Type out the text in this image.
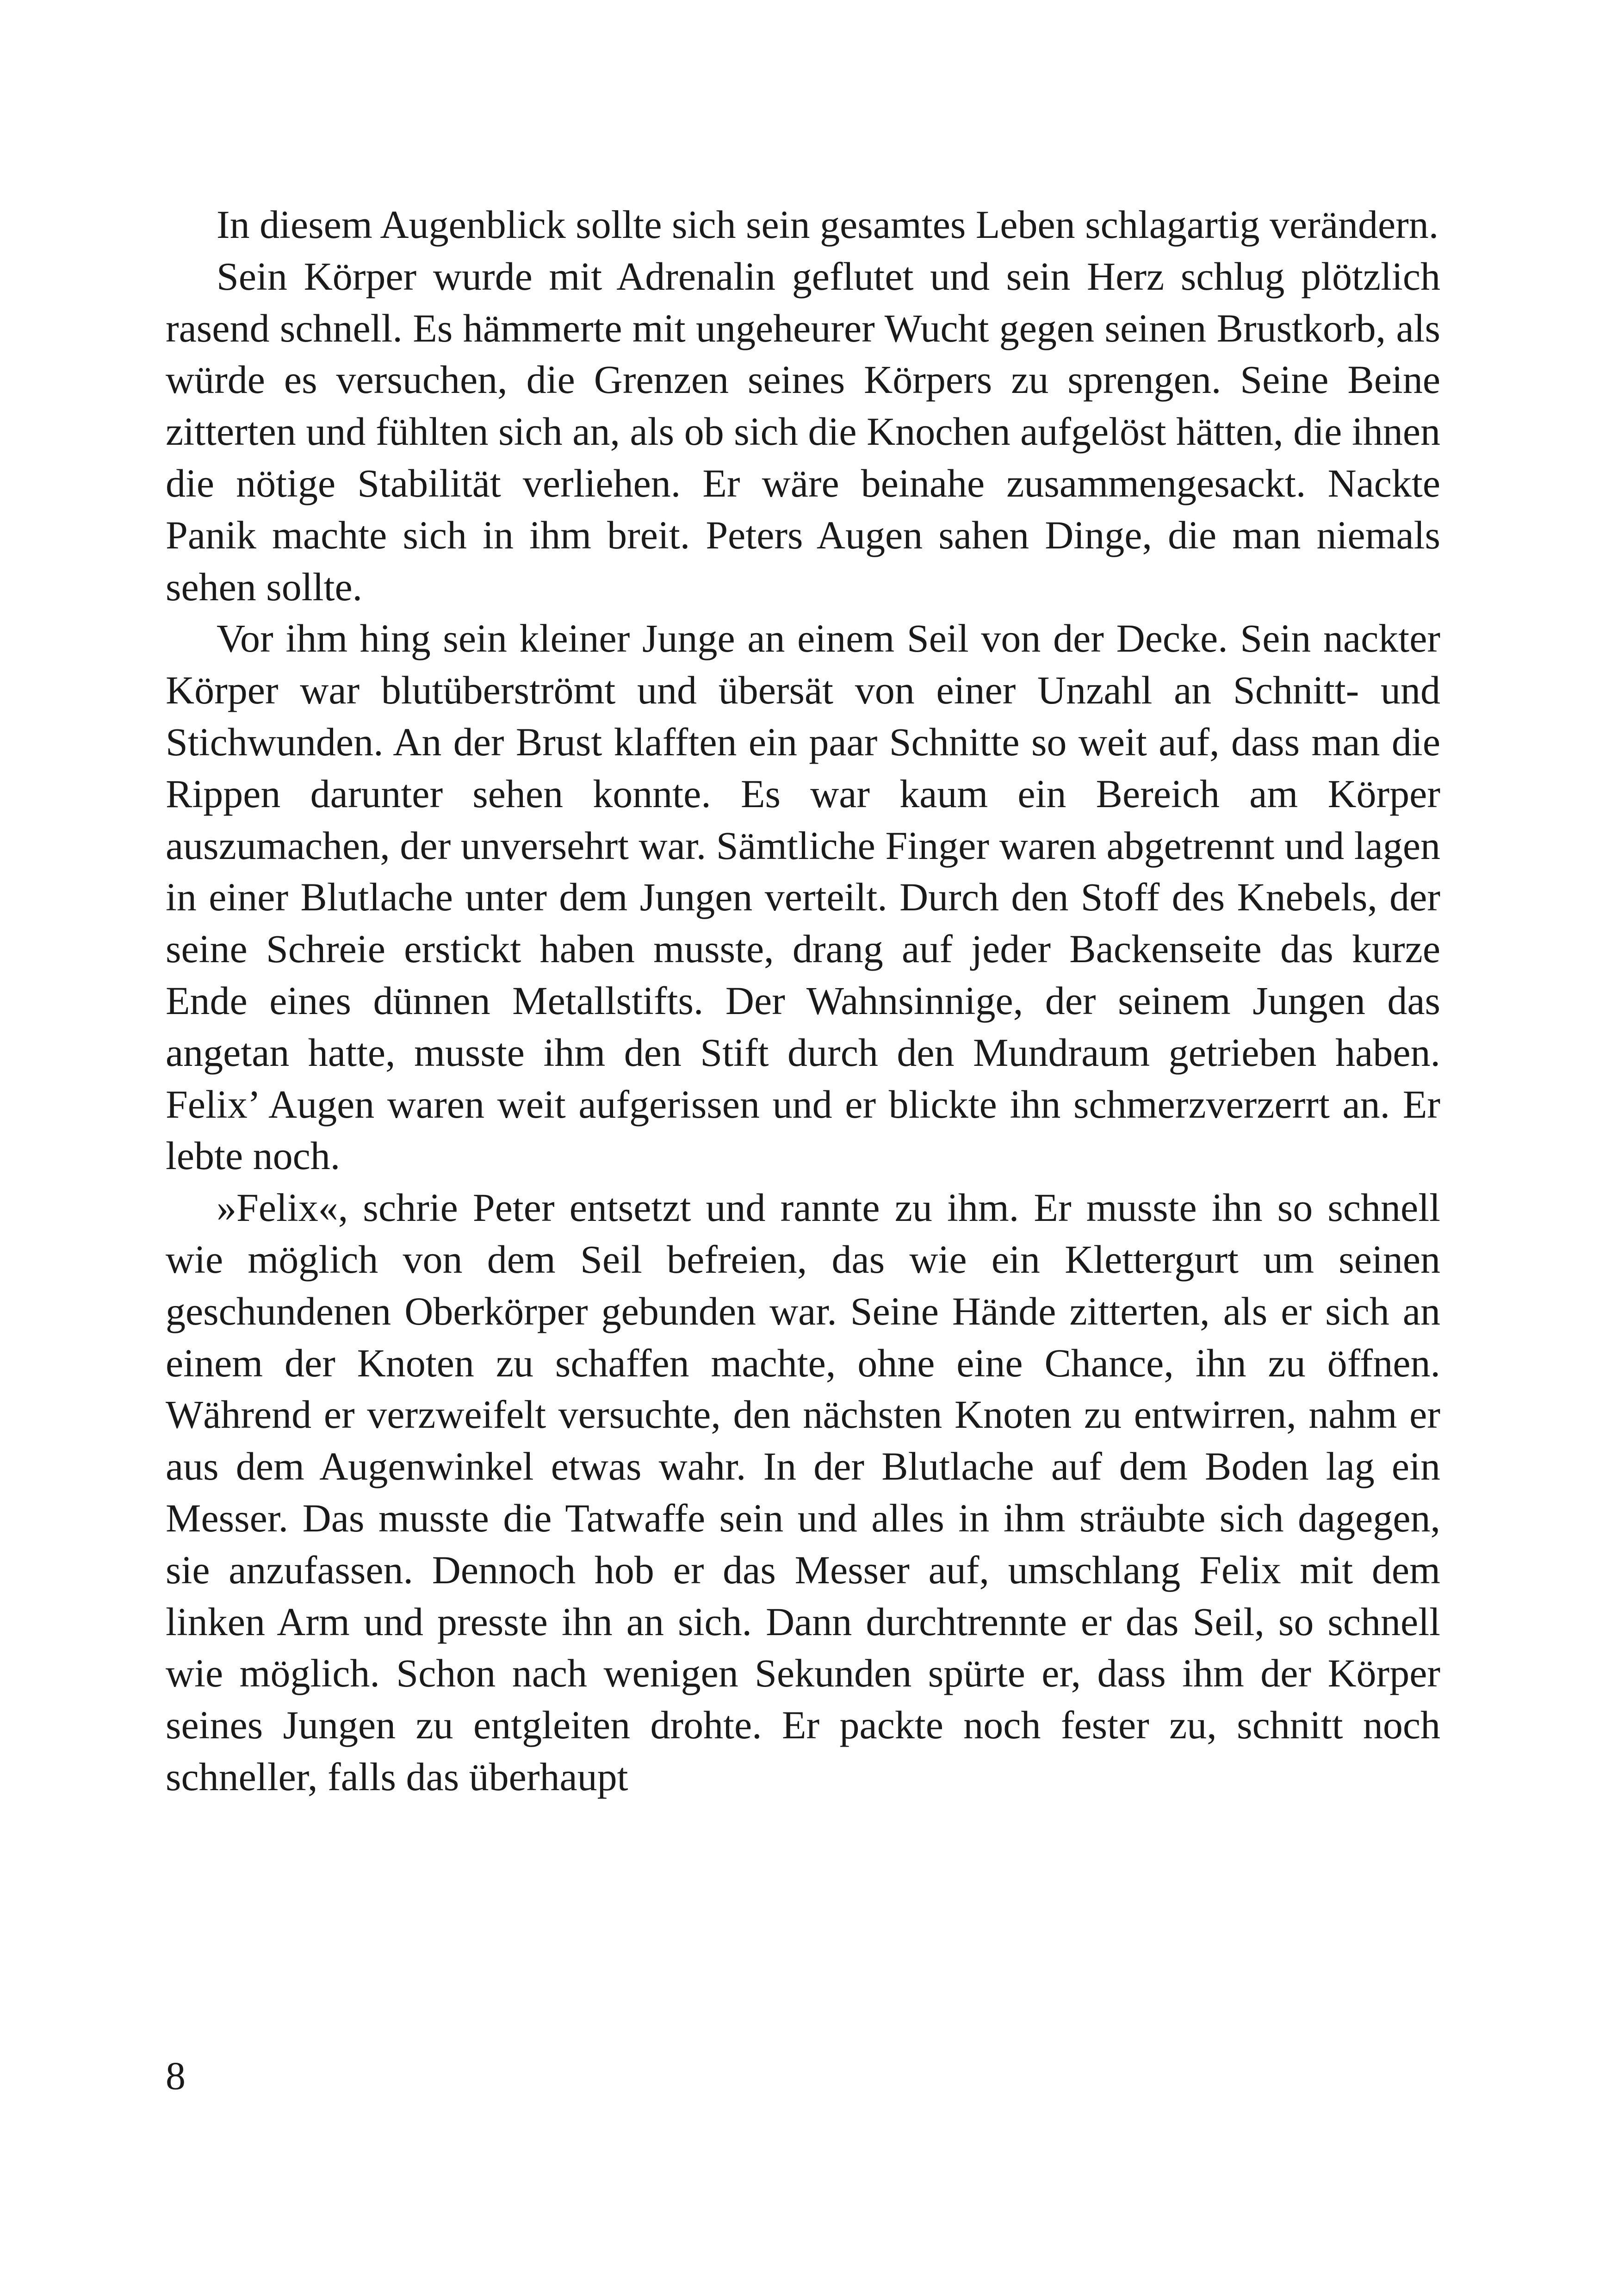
In diesem Augenblick sollte sich sein gesamtes Leben schlagartig verändern.

Sein Körper wurde mit Adrenalin geflutet und sein Herz schlug plötzlich rasend schnell. Es hämmerte mit ungeheurer Wucht gegen seinen Brustkorb, als würde es versuchen, die Grenzen seines Körpers zu sprengen. Seine Beine zitterten und fühlten sich an, als ob sich die Knochen aufgelöst hätten, die ihnen die nötige Stabilität verliehen. Er wäre beinahe zusammengesackt. Nackte Panik machte sich in ihm breit. Peters Augen sahen Dinge, die man niemals sehen sollte.

Vor ihm hing sein kleiner Junge an einem Seil von der Decke. Sein nackter Körper war blutüberströmt und übersät von einer Unzahl an Schnitt- und Stichwunden. An der Brust klafften ein paar Schnitte so weit auf, dass man die Rippen darunter sehen konnte. Es war kaum ein Bereich am Körper auszumachen, der unversehrt war. Sämtliche Finger waren abgetrennt und lagen in einer Blutlache unter dem Jungen verteilt. Durch den Stoff des Knebels, der seine Schreie erstickt haben musste, drang auf jeder Backenseite das kurze Ende eines dünnen Metallstifts. Der Wahnsinnige, der seinem Jungen das angetan hatte, musste ihm den Stift durch den Mundraum getrieben haben. Felix’ Augen waren weit aufgerissen und er blickte ihn schmerzverzerrt an. Er lebte noch.

»Felix«, schrie Peter entsetzt und rannte zu ihm. Er musste ihn so schnell wie möglich von dem Seil befreien, das wie ein Klettergurt um seinen geschundenen Oberkörper gebunden war. Seine Hände zitterten, als er sich an einem der Knoten zu schaffen machte, ohne eine Chance, ihn zu öffnen. Während er verzweifelt versuchte, den nächsten Knoten zu entwirren, nahm er aus dem Augenwinkel etwas wahr. In der Blutlache auf dem Boden lag ein Messer. Das musste die Tatwaffe sein und alles in ihm sträubte sich dagegen, sie anzufassen. Dennoch hob er das Messer auf, umschlang Felix mit dem linken Arm und presste ihn an sich. Dann durchtrennte er das Seil, so schnell wie möglich. Schon nach wenigen Sekunden spürte er, dass ihm der Körper seines Jungen zu entgleiten drohte. Er packte noch fester zu, schnitt noch schneller, falls das überhaupt

8
